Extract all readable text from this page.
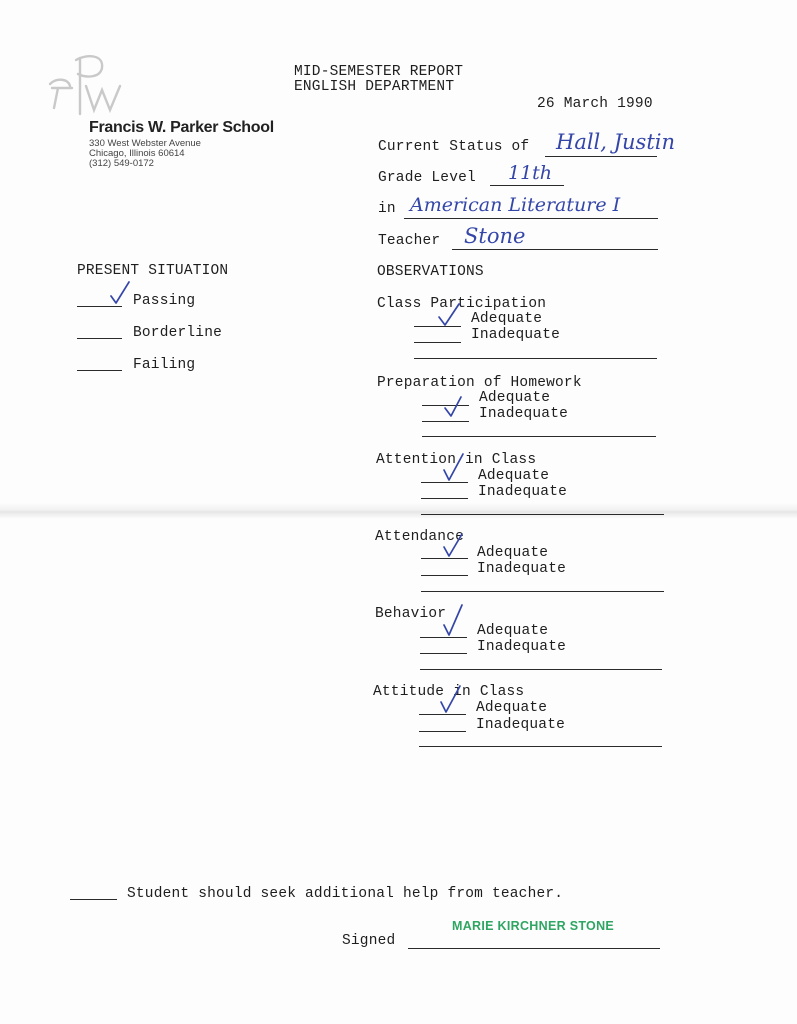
MID-SEMESTER REPORT
ENGLISH DEPARTMENT
26 March 1990
Francis W. Parker School
330 West Webster Avenue
Chicago, Illinois 60614
(312) 549-0172
Current Status of Hall, Justin
Grade Level 11th
in American Literature I
Teacher Stone
PRESENT SITUATION
Passing
Borderline
Failing
OBSERVATIONS
Class Participation
Adequate
Inadequate
Preparation of Homework
Adequate
Inadequate
Attention in Class
Adequate
Inadequate
Attendance
Adequate
Inadequate
Behavior
Adequate
Inadequate
Attitude in Class
Adequate
Inadequate
Student should seek additional help from teacher.
MARIE KIRCHNER STONE
Signed
